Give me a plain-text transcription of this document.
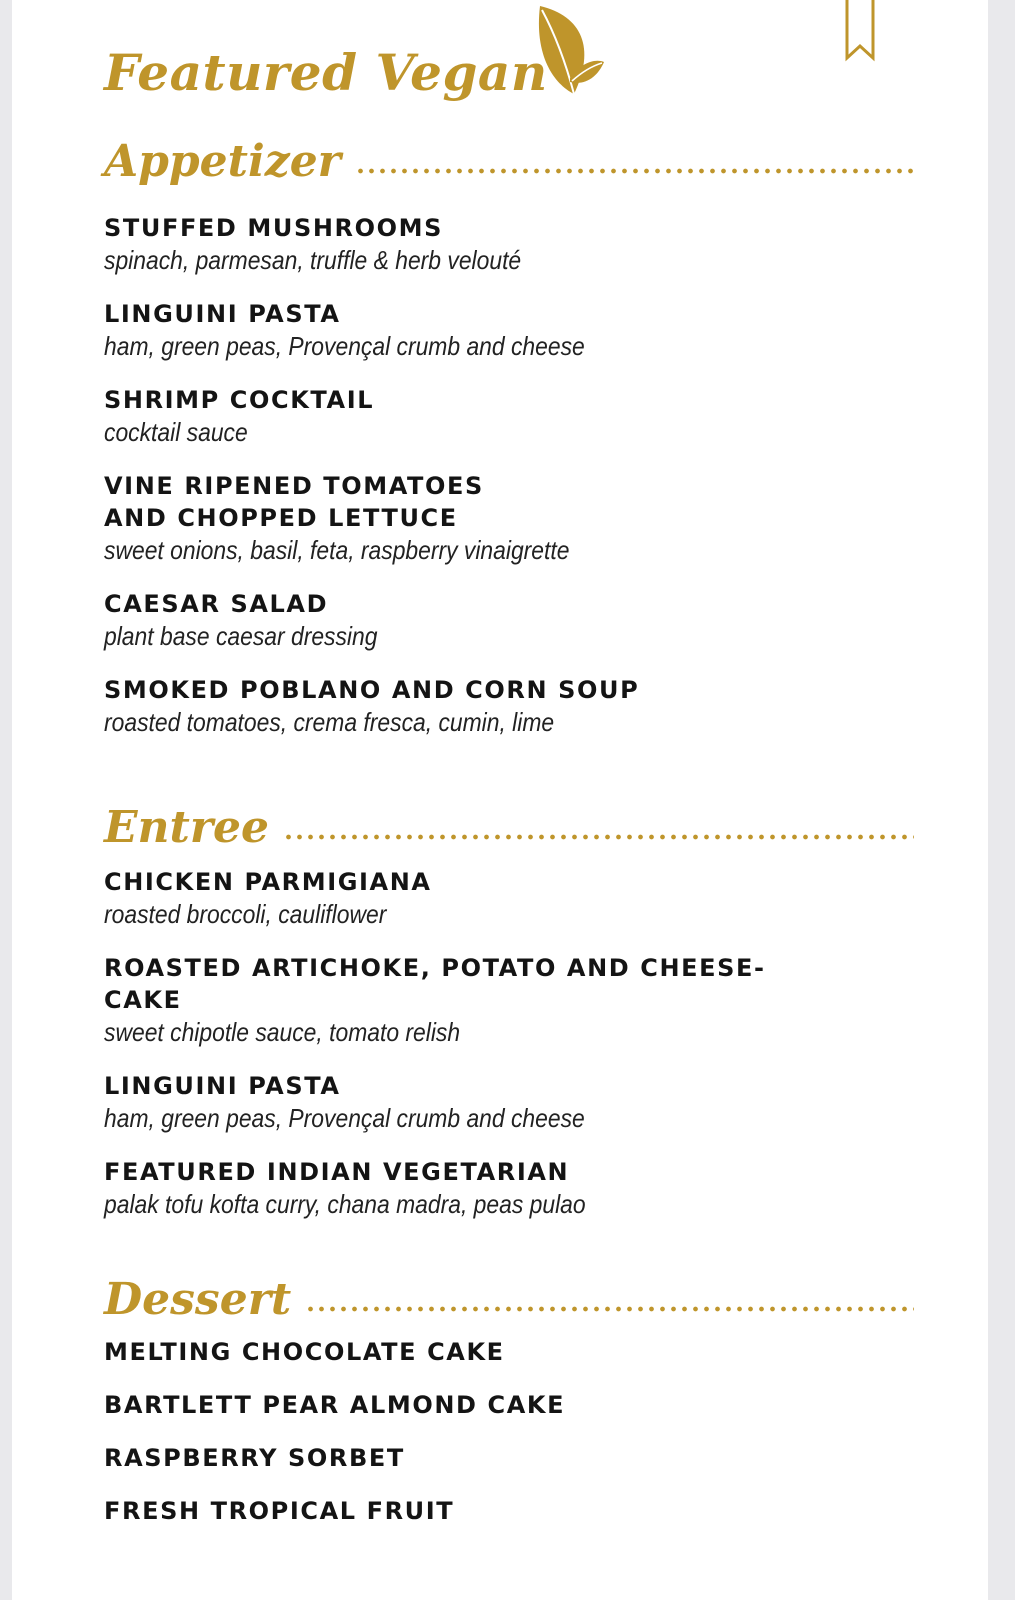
Featured Vegan
Appetizer
STUFFED MUSHROOMS
spinach, parmesan, truffle & herb velouté
LINGUINI PASTA
ham, green peas, Provençal crumb and cheese
SHRIMP COCKTAIL
cocktail sauce
VINE RIPENED TOMATOES AND CHOPPED LETTUCE
sweet onions, basil, feta, raspberry vinaigrette
CAESAR SALAD
plant base caesar dressing
SMOKED POBLANO AND CORN SOUP
roasted tomatoes, crema fresca, cumin, lime
Entree
CHICKEN PARMIGIANA
roasted broccoli, cauliflower
ROASTED ARTICHOKE, POTATO AND CHEESE-CAKE
sweet chipotle sauce, tomato relish
LINGUINI PASTA
ham, green peas, Provençal crumb and cheese
FEATURED INDIAN VEGETARIAN
palak tofu kofta curry, chana madra, peas pulao
Dessert
MELTING CHOCOLATE CAKE
BARTLETT PEAR ALMOND CAKE
RASPBERRY SORBET
FRESH TROPICAL FRUIT
